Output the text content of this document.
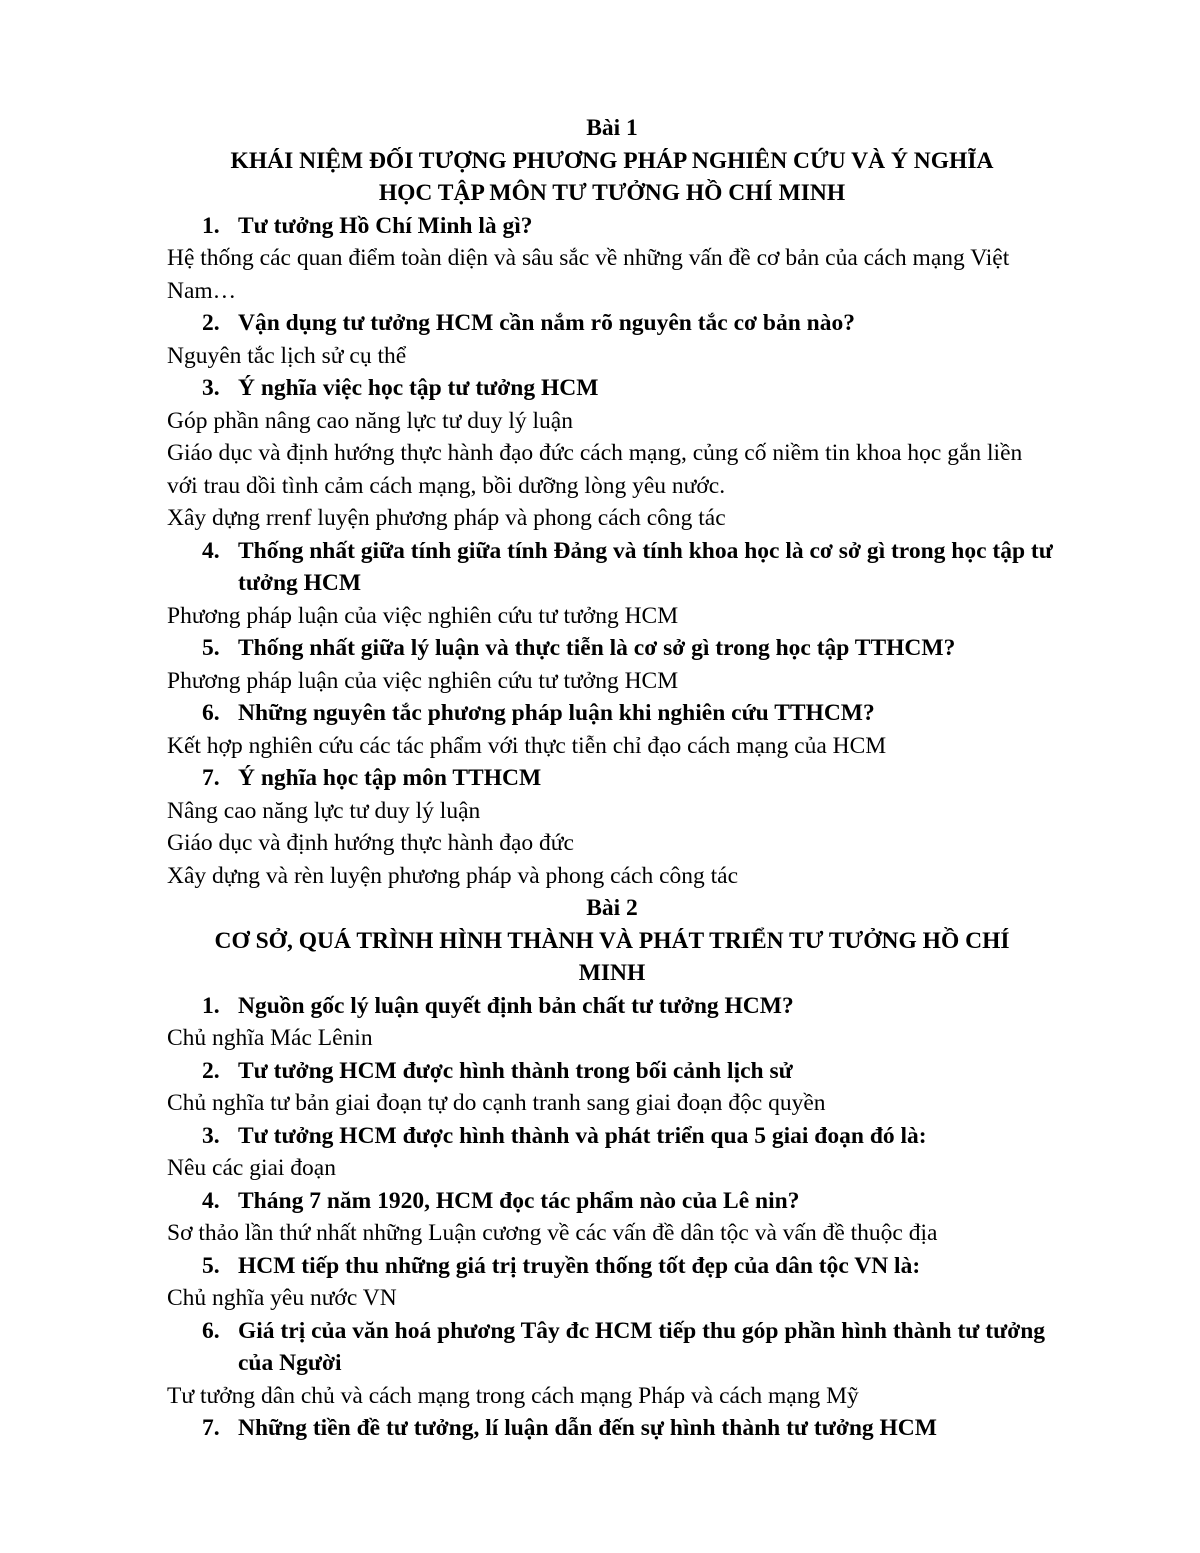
Bài 1
KHÁI NIỆM ĐỐI TƯỢNG PHƯƠNG PHÁP NGHIÊN CỨU VÀ Ý NGHĨA
HỌC TẬP MÔN TƯ TƯỞNG HỒ CHÍ MINH
1. Tư tưởng Hồ Chí Minh là gì?
Hệ thống các quan điểm toàn diện và sâu sắc về những vấn đề cơ bản của cách mạng Việt Nam…
2. Vận dụng tư tưởng HCM cần nắm rõ nguyên tắc cơ bản nào?
Nguyên tắc lịch sử cụ thể
3. Ý nghĩa việc học tập tư tưởng HCM
Góp phần nâng cao năng lực tư duy lý luận
Giáo dục và định hướng thực hành đạo đức cách mạng, củng cố niềm tin khoa học gắn liền với trau dồi tình cảm cách mạng, bồi dưỡng lòng yêu nước.
Xây dựng rrenf luyện phương pháp và phong cách công tác
4. Thống nhất giữa tính giữa tính Đảng và tính khoa học là cơ sở gì trong học tập tư tưởng HCM
Phương pháp luận của việc nghiên cứu tư tưởng HCM
5. Thống nhất giữa lý luận và thực tiễn là cơ sở gì trong học tập TTHCM?
Phương pháp luận của việc nghiên cứu tư tưởng HCM
6. Những nguyên tắc phương pháp luận khi nghiên cứu TTHCM?
Kết hợp nghiên cứu các tác phẩm với thực tiễn chỉ đạo cách mạng của HCM
7. Ý nghĩa học tập môn TTHCM
Nâng cao năng lực tư duy lý luận
Giáo dục và định hướng thực hành đạo đức
Xây dựng và rèn luyện phương pháp và phong cách công tác
Bài 2
CƠ SỞ, QUÁ TRÌNH HÌNH THÀNH VÀ PHÁT TRIỂN TƯ TƯỞNG HỒ CHÍ
MINH
1. Nguồn gốc lý luận quyết định bản chất tư tưởng HCM?
Chủ nghĩa Mác Lênin
2. Tư tưởng HCM được hình thành trong bối cảnh lịch sử
Chủ nghĩa tư bản giai đoạn tự do cạnh tranh sang giai đoạn độc quyền
3. Tư tưởng HCM được hình thành và phát triển qua 5 giai đoạn đó là:
Nêu các giai đoạn
4. Tháng 7 năm 1920, HCM đọc tác phẩm nào của Lê nin?
Sơ thảo lần thứ nhất những Luận cương về các vấn đề dân tộc và vấn đề thuộc địa
5. HCM tiếp thu những giá trị truyền thống tốt đẹp của dân tộc VN là:
Chủ nghĩa yêu nước VN
6. Giá trị của văn hoá phương Tây đc HCM tiếp thu góp phần hình thành tư tưởng của Người
Tư tưởng dân chủ và cách mạng trong cách mạng Pháp và cách mạng Mỹ
7. Những tiền đề tư tưởng, lí luận dẫn đến sự hình thành tư tưởng HCM
